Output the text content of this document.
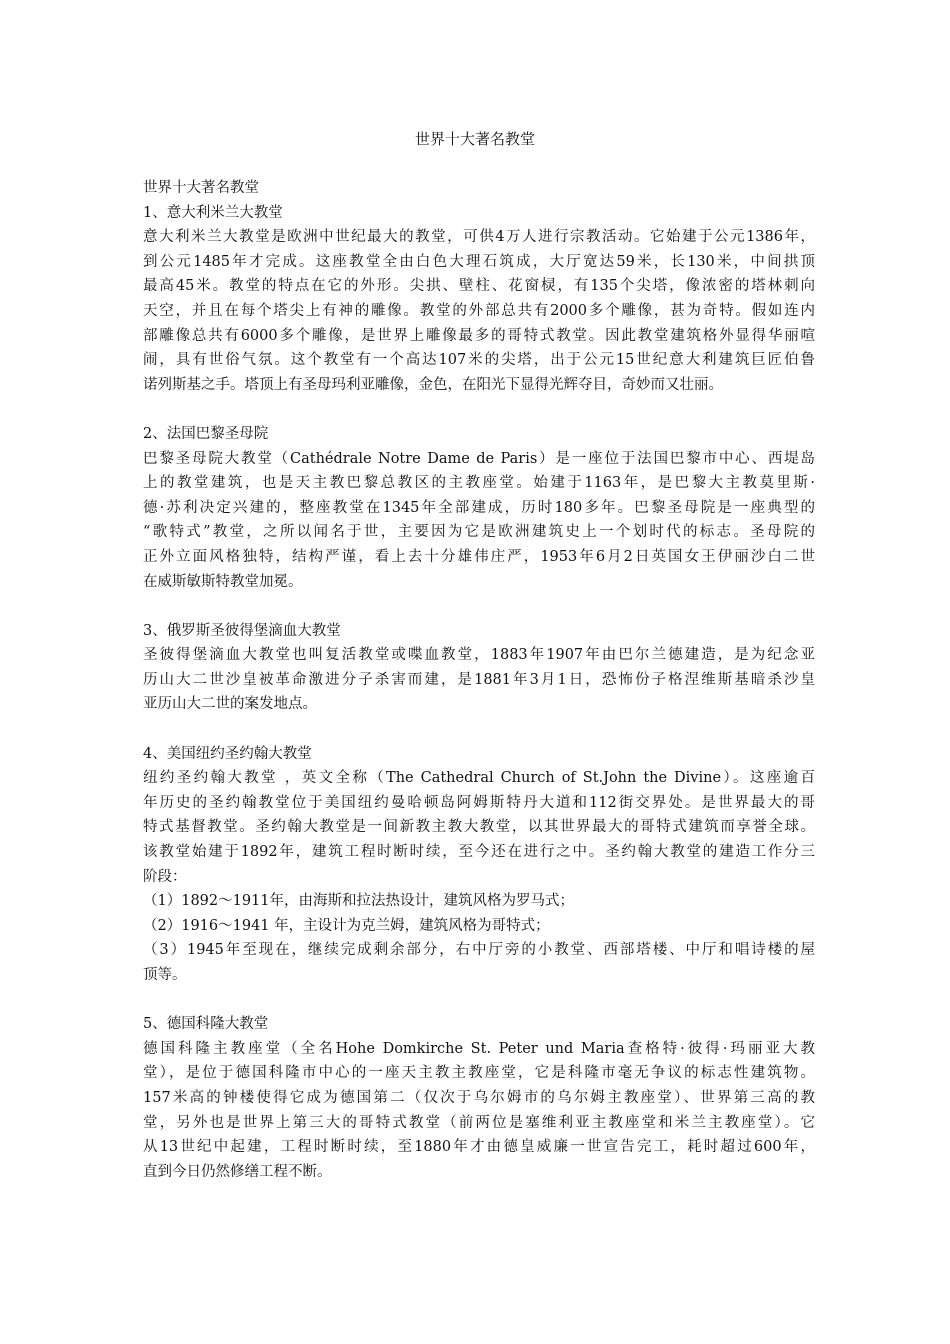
世界十大著名教堂
世界十大著名教堂
1、意大利米兰大教堂
意大利米兰大教堂是欧洲中世纪最大的教堂，可供4万人进行宗教活动。它始建于公元1386年，
到公元1485年才完成。这座教堂全由白色大理石筑成，大厅宽达59米，长130米，中间拱顶
最高45米。教堂的特点在它的外形。尖拱、壁柱、花窗棂，有135个尖塔，像浓密的塔林刺向
天空，并且在每个塔尖上有神的雕像。教堂的外部总共有2000多个雕像，甚为奇特。假如连内
部雕像总共有6000多个雕像，是世界上雕像最多的哥特式教堂。因此教堂建筑格外显得华丽喧
闹，具有世俗气氛。这个教堂有一个高达107米的尖塔，出于公元15世纪意大利建筑巨匠伯鲁
诺列斯基之手。塔顶上有圣母玛利亚雕像，金色，在阳光下显得光辉夺目，奇妙而又壮丽。
2、法国巴黎圣母院
巴黎圣母院大教堂（Cathédrale Notre Dame de Paris）是一座位于法国巴黎市中心、西堤岛
上的教堂建筑，也是天主教巴黎总教区的主教座堂。始建于1163年，是巴黎大主教莫里斯·
德·苏利决定兴建的，整座教堂在1345年全部建成，历时180多年。巴黎圣母院是一座典型的
“歌特式”教堂，之所以闻名于世，主要因为它是欧洲建筑史上一个划时代的标志。圣母院的
正外立面风格独特，结构严谨，看上去十分雄伟庄严，1953年6月2日英国女王伊丽沙白二世
在威斯敏斯特教堂加冕。
3、俄罗斯圣彼得堡滴血大教堂
圣彼得堡滴血大教堂也叫复活教堂或喋血教堂，1883年1907年由巴尔兰德建造，是为纪念亚
历山大二世沙皇被革命激进分子杀害而建，是1881年3月1日，恐怖份子格涅维斯基暗杀沙皇
亚历山大二世的案发地点。
4、美国纽约圣约翰大教堂
纽约圣约翰大教堂 ，英文全称（The Cathedral Church of St.John the Divine）。这座逾百
年历史的圣约翰教堂位于美国纽约曼哈顿岛阿姆斯特丹大道和112街交界处。是世界最大的哥
特式基督教堂。圣约翰大教堂是一间新教主教大教堂，以其世界最大的哥特式建筑而享誉全球。
该教堂始建于1892年，建筑工程时断时续，至今还在进行之中。圣约翰大教堂的建造工作分三
阶段：
（1）1892～1911年，由海斯和拉法热设计，建筑风格为罗马式；
（2）1916～1941 年，主设计为克兰姆，建筑风格为哥特式；
（3）1945年至现在，继续完成剩余部分，右中厅旁的小教堂、西部塔楼、中厅和唱诗楼的屋
顶等。
5、德国科隆大教堂
德国科隆主教座堂（全名Hohe Domkirche St. Peter und Maria查格特·彼得·玛丽亚大教
堂），是位于德国科隆市中心的一座天主教主教座堂，它是科隆市毫无争议的标志性建筑物。
157米高的钟楼使得它成为德国第二（仅次于乌尔姆市的乌尔姆主教座堂）、世界第三高的教
堂，另外也是世界上第三大的哥特式教堂（前两位是塞维利亚主教座堂和米兰主教座堂）。它
从13世纪中起建，工程时断时续，至1880年才由德皇威廉一世宣告完工，耗时超过600年，
直到今日仍然修缮工程不断。
